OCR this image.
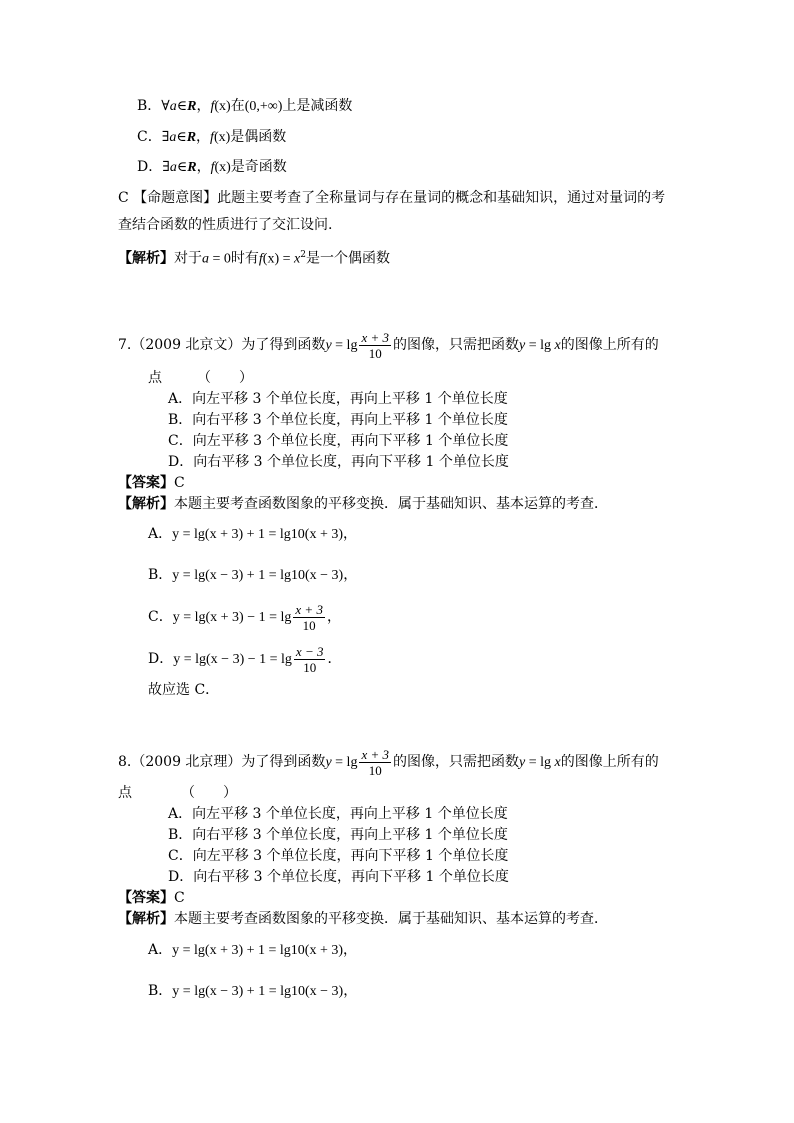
B．∀a∈R，f(x)在(0,+∞)上是减函数
C．∃a∈R，f(x)是偶函数
D．∃a∈R，f(x)是奇函数
C 【命题意图】此题主要考查了全称量词与存在量词的概念和基础知识，通过对量词的考
查结合函数的性质进行了交汇设问.
【解析】对于a = 0时有$f(x) = x^2$是一个偶函数
7.（2009 北京文）为了得到函数$y = \lg \frac{x + 3}{10}$ 的图像，只需把函数y = lg x的图像上所有的
点　　　（　　）
A．向左平移 3 个单位长度，再向上平移 1 个单位长度
B．向右平移 3 个单位长度，再向上平移 1 个单位长度
C．向左平移 3 个单位长度，再向下平移 1 个单位长度
D．向右平移 3 个单位长度，再向下平移 1 个单位长度
【答案】C
【解析】本题主要考查函数图象的平移变换．属于基础知识、基本运算的考查．
A．y = lg(x + 3) + 1 = lg10(x + 3)，
B．y = lg(x − 3) + 1 = lg10(x − 3)，
C．$y = \lg(x + 3) - 1 = \lg \frac{x + 3}{10}$ ，
D．$y = \lg(x - 3) - 1 = \lg \frac{x - 3}{10}$ ．
故应选 C．
8.（2009 北京理）为了得到函数$y = \lg \frac{x + 3}{10}$ 的图像，只需把函数y = lg x的图像上所有的
点　　　　（　　）
A．向左平移 3 个单位长度，再向上平移 1 个单位长度
B．向右平移 3 个单位长度，再向上平移 1 个单位长度
C．向左平移 3 个单位长度，再向下平移 1 个单位长度
D．向右平移 3 个单位长度，再向下平移 1 个单位长度
【答案】C
【解析】本题主要考查函数图象的平移变换．属于基础知识、基本运算的考查．
A．y = lg(x + 3) + 1 = lg10(x + 3)，
B．y = lg(x − 3) + 1 = lg10(x − 3)，
